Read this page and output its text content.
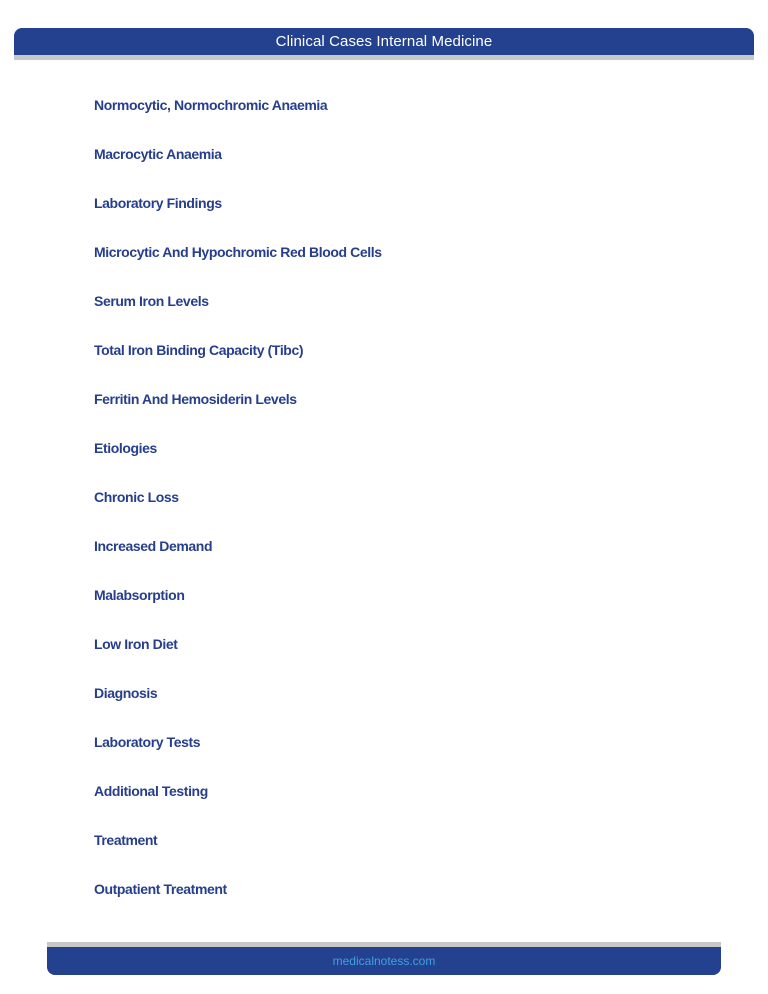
Clinical Cases Internal Medicine
Normocytic, Normochromic Anaemia
Macrocytic Anaemia
Laboratory Findings
Microcytic And Hypochromic Red Blood Cells
Serum Iron Levels
Total Iron Binding Capacity (Tibc)
Ferritin And Hemosiderin Levels
Etiologies
Chronic Loss
Increased Demand
Malabsorption
Low Iron Diet
Diagnosis
Laboratory Tests
Additional Testing
Treatment
Outpatient Treatment
medicalnotess.com
